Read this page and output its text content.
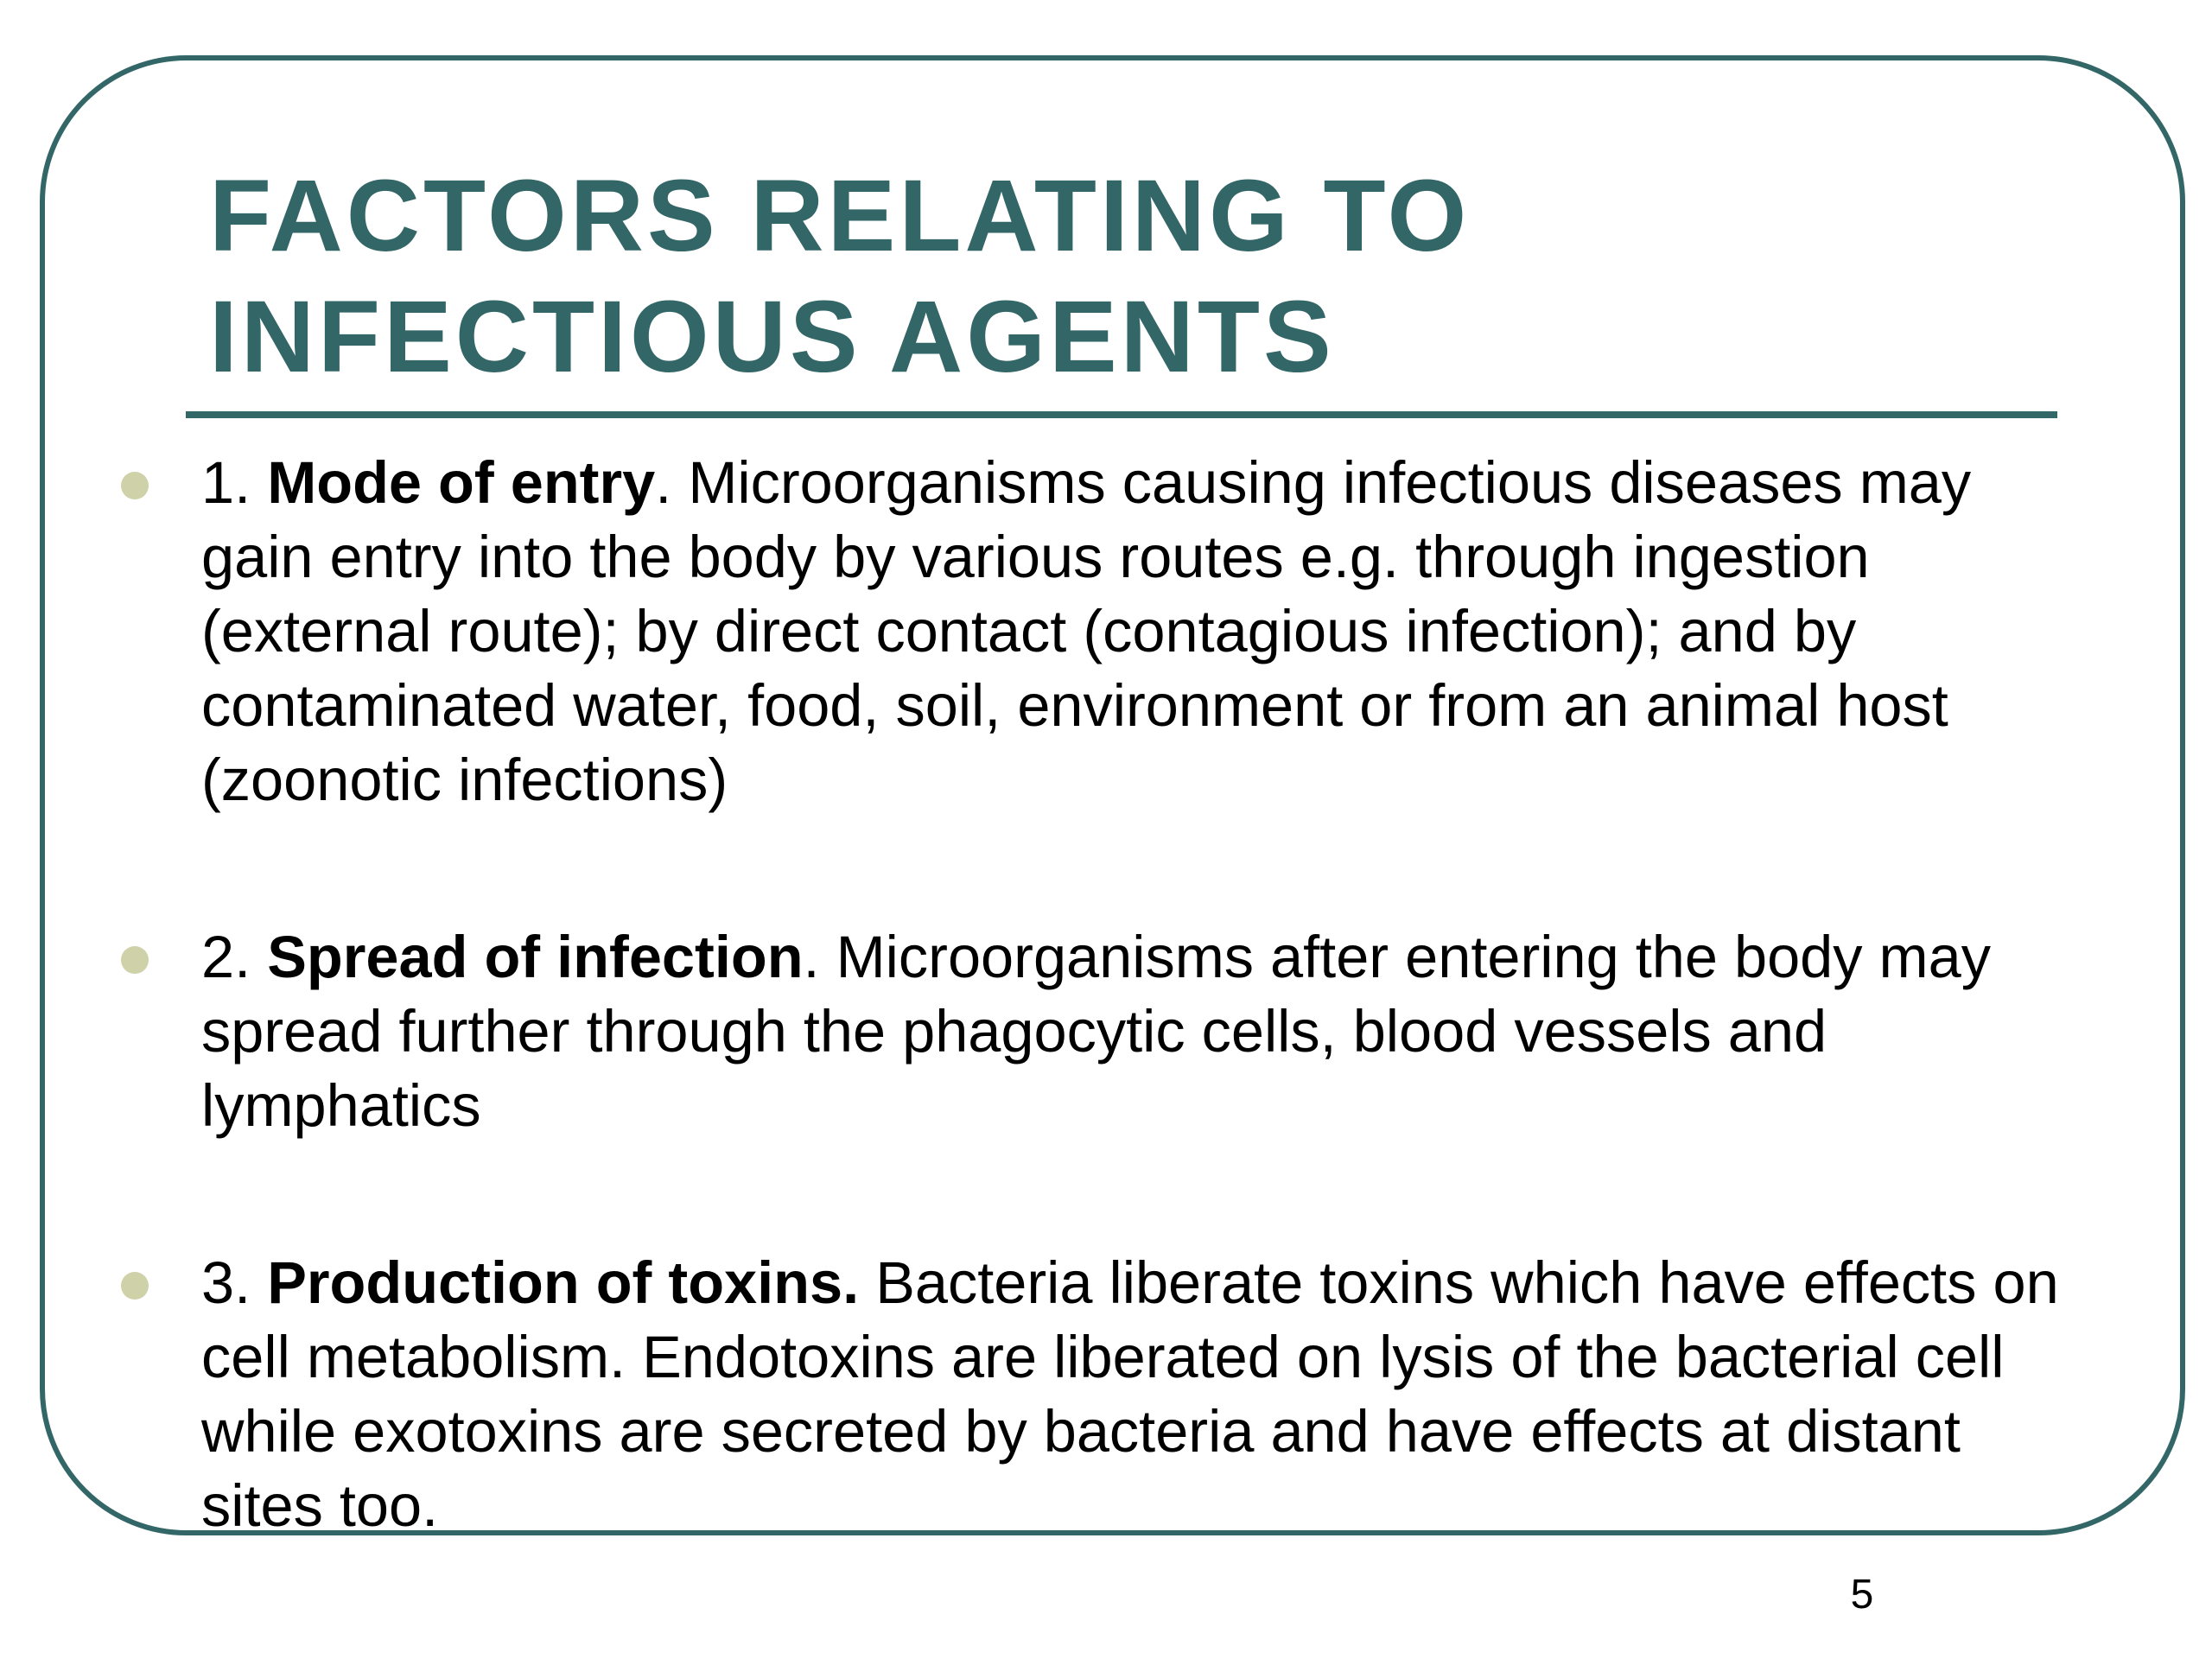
FACTORS RELATING TO
INFECTIOUS AGENTS

1. Mode of entry. Microorganisms causing infectious diseases may gain entry into the body by various routes e.g. through ingestion (external route); by direct contact (contagious infection); and by contaminated water, food, soil, environment or from an animal host (zoonotic infections)

2. Spread of infection. Microorganisms after entering the body may spread further through the phagocytic cells, blood vessels and lymphatics

3. Production of toxins. Bacteria liberate toxins which have effects on cell metabolism. Endotoxins are liberated on lysis of the bacterial cell while exotoxins are secreted by bacteria and have effects at distant sites too.

5
